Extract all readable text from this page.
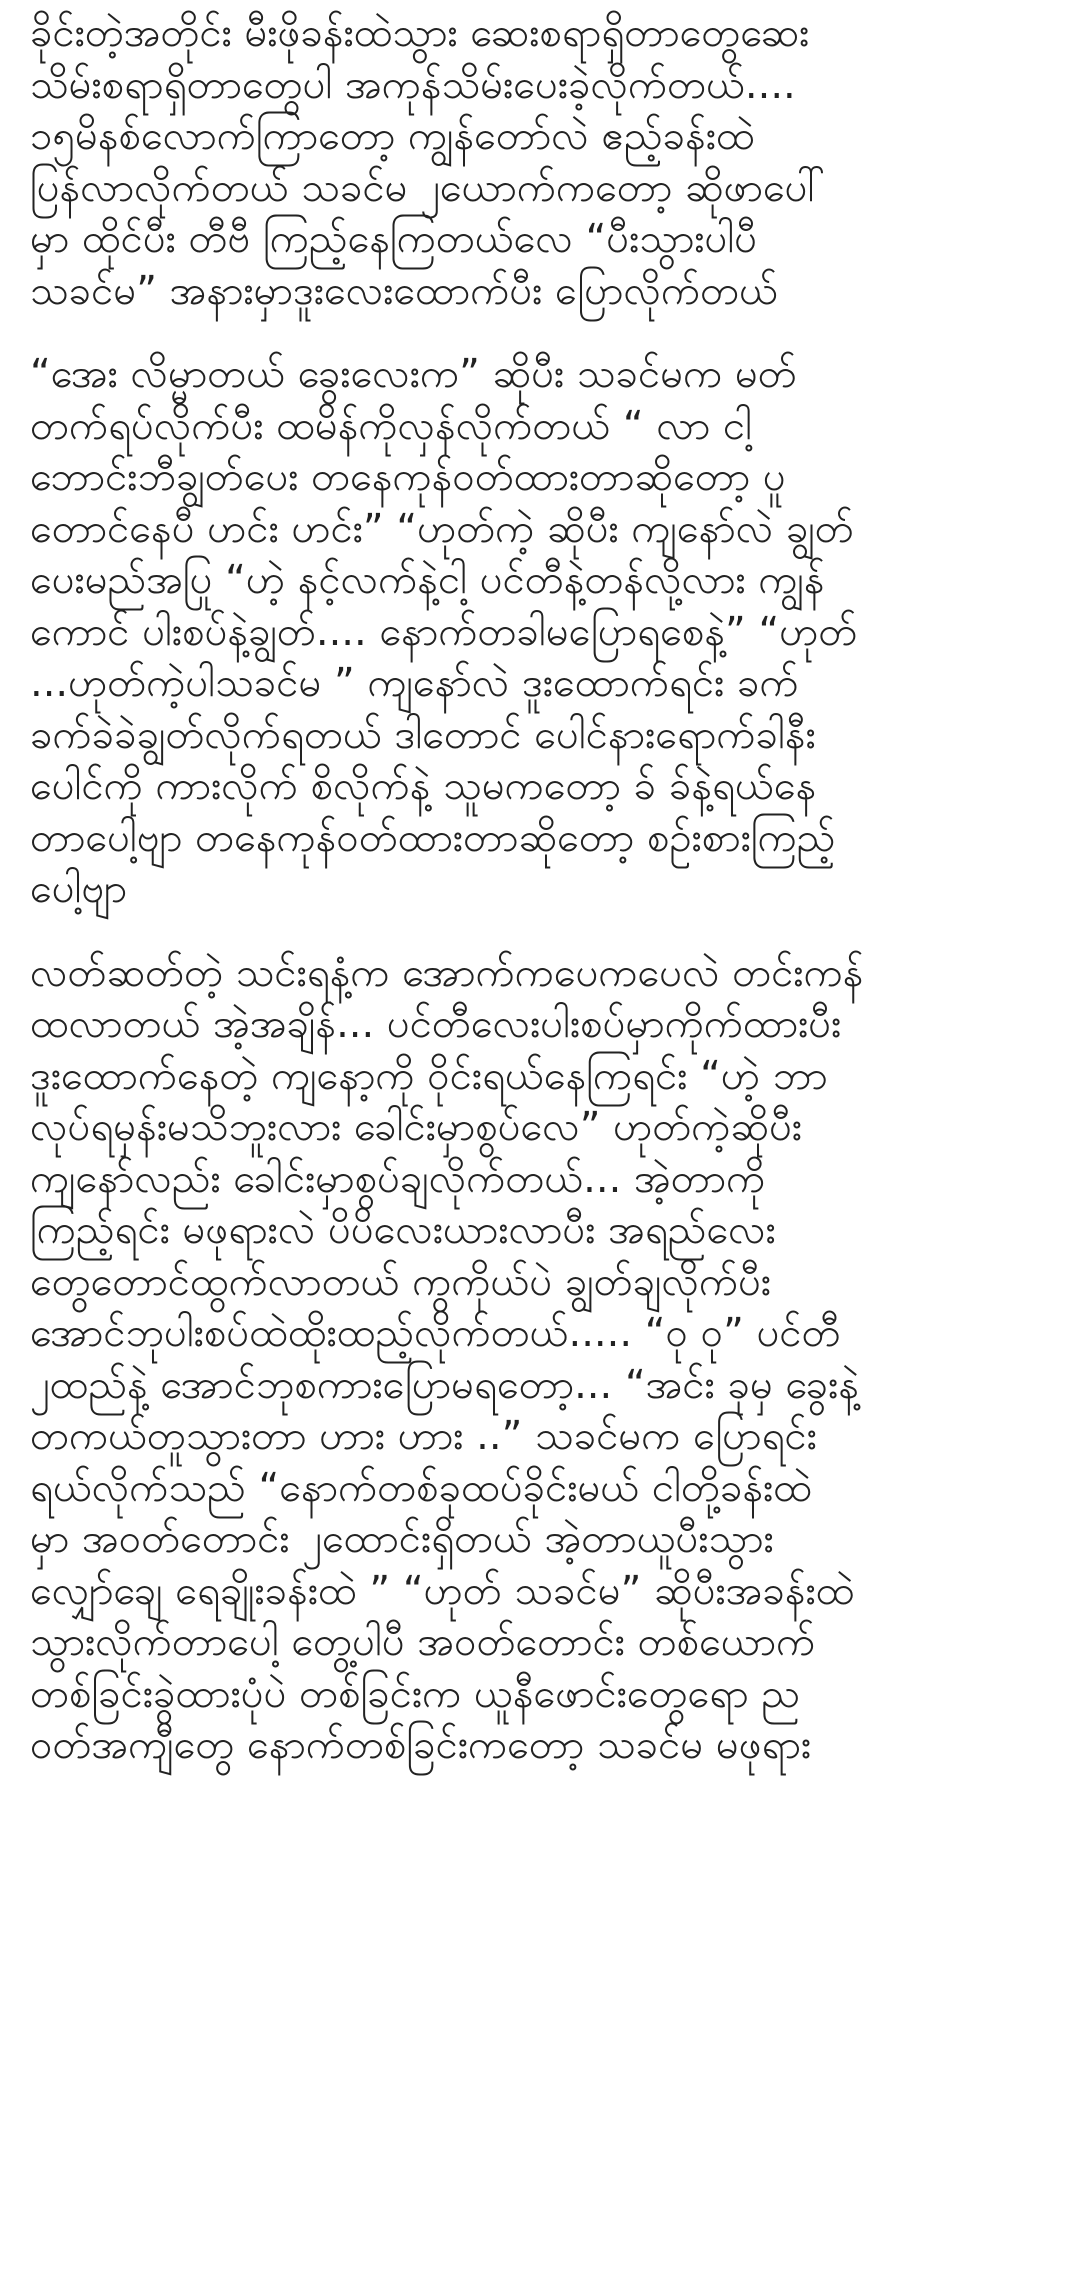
ခိုင်းတဲ့အတိုင်း မီးဖိုခန်းထဲသွား ဆေးစရာရှိတာတွေဆေး
သိမ်းစရာရှိတာတွေပါ အကုန်သိမ်းပေးခဲ့လိုက်တယ်....
၁၅မိနစ်လောက်ကြာတော့ ကျွန်တော်လဲ ဧည့်ခန်းထဲ
ပြန်လာလိုက်တယ် သခင်မ ၂ယောက်ကတော့ ဆိုဖာပေါ်
မှာ ထိုင်ပီး တီဗီ ကြည့်နေကြတယ်လေ “ပီးသွားပါပီ
သခင်မ” အနားမှာဒူးလေးထောက်ပီး ပြောလိုက်တယ်
“အေး လိမ္မာတယ် ခွေးလေးက” ဆိုပီး သခင်မက မတ်
တက်ရပ်လိုက်ပီး ထမိန်ကိုလှန်လိုက်တယ် “ လာ ငါ့
ဘောင်းဘီချွတ်ပေး တနေကုန်ဝတ်ထားတာဆိုတော့ ပူ
တောင်နေပီ ဟင်း ဟင်း” “ဟုတ်ကဲ့ ဆိုပီး ကျနော်လဲ ချွတ်
ပေးမည်အပြု “ဟဲ့ နင့်လက်နဲ့ငါ့ ပင်တီနဲ့တန်လို့လား ကျွန်
ကောင် ပါးစပ်နဲ့ချွတ်.... နောက်တခါမပြောရစေနဲ့” “ဟုတ်
...ဟုတ်ကဲ့ပါသခင်မ ” ကျနော်လဲ ဒူးထောက်ရင်း ခက်
ခက်ခဲခဲချွတ်လိုက်ရတယ် ဒါတောင် ပေါင်နားရောက်ခါနီး
ပေါင်ကို ကားလိုက် စိလိုက်နဲ့ သူမကတော့ ခ် ခ်နဲ့ရယ်နေ
တာပေါ့ဗျာ တနေကုန်ဝတ်ထားတာဆိုတော့ စဉ်းစားကြည့်
ပေါ့ဗျာ
လတ်ဆတ်တဲ့ သင်းရနံ့က အောက်ကပေကပေလဲ တင်းကန်
ထလာတယ် အဲ့အချိန်... ပင်တီလေးပါးစပ်မှာကိုက်ထားပီး
ဒူးထောက်နေတဲ့ ကျနော့ကို ဝိုင်းရယ်နေကြရင်း “ဟဲ့ ဘာ
လုပ်ရမှန်းမသိဘူးလား ခေါင်းမှာစွပ်လေ” ဟုတ်ကဲ့ဆိုပီး
ကျနော်လည်း ခေါင်းမှာစွပ်ချလိုက်တယ်... အဲ့တာကို
ကြည့်ရင်း မဖုရားလဲ ပိပိလေးယားလာပီး အရည်လေး
တွေတောင်ထွက်လာတယ် ကွကိုယ်ပဲ ချွတ်ချလိုက်ပီး
အောင်ဘုပါးစပ်ထဲထိုးထည့်လိုက်တယ်..... “ဝု ဝု” ပင်တီ
၂ထည်နဲ့ အောင်ဘုစကားပြောမရတော့... “အင်း ခုမှ ခွေးနဲ့
တကယ်တူသွားတာ ဟား ဟား ..” သခင်မက ပြောရင်း
ရယ်လိုက်သည် “နောက်တစ်ခုထပ်ခိုင်းမယ် ငါတို့ခန်းထဲ
မှာ အဝတ်တောင်း ၂ထောင်းရှိတယ် အဲ့တာယူပီးသွား
လျှော်ချေ ရေချိုးခန်းထဲ ” “ဟုတ် သခင်မ” ဆိုပီးအခန်းထဲ
သွားလိုက်တာပေါ့ တွေ့ပါပီ အဝတ်တောင်း တစ်ယောက်
တစ်ခြင်းခွဲထားပုံပဲ တစ်ခြင်းက ယူနီဖောင်းတွေရော ည
ဝတ်အကျီတွေ နောက်တစ်ခြင်းကတော့ သခင်မ မဖုရား
